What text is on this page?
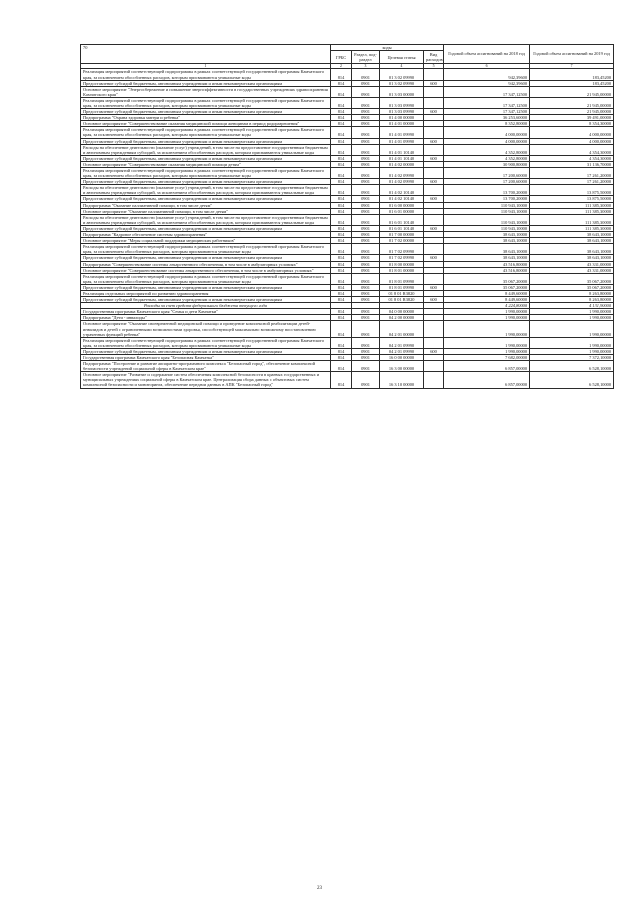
70	коды				Годовой объем ассигнований на 2018 год	Годовой объем ассигнований на 2019 год
	ГРБС	Раздел, под-раздел	Целевая статья	Вид расходов		
1	2	3	4	5	6	7
Реализация мероприятий соответствующей подпрограммы в рамках соответствующей государственной программы Камчатского края, за исключением обособленных расходов, которым присваиваются уникальные коды	814	0901	01 3 02 09990		942,39600	183,45200
Предоставление субсидий бюджетным, автономным учреждениям и иным некоммерческим организациям	814	0901	01 3 02 09990	600	942,39600	183,45200
Основное мероприятие "Энергосбережение и повышение энергоэффективности в государственных учреждениях здравоохранения Камчатского края"	814	0901	01 3 03 00000		17 347,12500	21 945,00000
Реализация мероприятий соответствующей подпрограммы в рамках соответствующей государственной программы Камчатского края, за исключением обособленных расходов, которым присваиваются уникальные коды	814	0901	01 3 03 09990		17 347,12500	21 945,00000
Предоставление субсидий бюджетным, автономным учреждениям и иным некоммерческим организациям	814	0901	01 3 03 09990	600	17 347,12500	21 945,00000
Подпрограмма "Охрана здоровья матери и ребенка"	814	0901	01 4 00 00000		36 253,60000	39 491,00000
Основное мероприятие "Совершенствование оказания медицинской помощи женщинам в период родоразрешения"	814	0901	01 4 01 00000		8 352,80000	8 354,30000
Реализация мероприятий соответствующей подпрограммы в рамках соответствующей государственной программы Камчатского края, за исключением обособленных расходов, которым присваиваются уникальные коды	814	0901	01 4 01 09990		4 000,00000	4 000,00000
Предоставление субсидий бюджетным, автономным учреждениям и иным некоммерческим организациям	814	0901	01 4 01 09990	600	4 000,00000	4 000,00000
Расходы на обеспечение деятельности (оказание услуг) учреждений, в том числе на предоставление государственным бюджетным и автономным учреждениям субсидий, за исключением обособленных расходов, которым присваиваются уникальные коды	814	0901	01 4 01 10140		4 352,80000	4 354,30000
Предоставление субсидий бюджетным, автономным учреждениям и иным некоммерческим организациям	814	0901	01 4 01 10140	600	4 352,80000	4 354,30000
Основное мероприятие "Совершенствование оказания медицинской помощи детям"	814	0901	01 4 02 00000		30 900,80000	31 136,70000
Реализация мероприятий соответствующей подпрограммы в рамках соответствующей государственной программы Камчатского края, за исключением обособленных расходов, которым присваиваются уникальные коды	814	0901	01 4 02 09990		17 200,60000	17 261,20000
Предоставление субсидий бюджетным, автономным учреждениям и иным некоммерческим организациям	814	0901	01 4 02 09990	600	17 200,60000	17 261,20000
Расходы на обеспечение деятельности (оказание услуг) учреждений, в том числе на предоставление государственным бюджетным и автономным учреждениям субсидий, за исключением обособленных расходов, которым присваиваются уникальные коды	814	0901	01 4 02 10140		13 700,20000	13 875,50000
Предоставление субсидий бюджетным, автономным учреждениям и иным некоммерческим организациям	814	0901	01 4 02 10140	600	13 700,20000	13 875,50000
Подпрограмма "Оказание паллиативной помощи, в том числе детям"	814	0901	01 6 00 00000		110 943,10000	111 385,30000
Основное мероприятие "Оказание паллиативной помощи, в том числе детям"	814	0901	01 6 01 00000		110 943,10000	111 385,30000
Расходы на обеспечение деятельности (оказание услуг) учреждений, в том числе на предоставление государственным бюджетным и автономным учреждениям субсидий, за исключением обособленных расходов, которым присваиваются уникальные коды	814	0901	01 6 01 10140		110 943,10000	111 385,30000
Предоставление субсидий бюджетным, автономным учреждениям и иным некоммерческим организациям	814	0901	01 6 01 10140	600	110 943,10000	111 385,30000
Подпрограмма "Кадровое обеспечение системы здравоохранения"	814	0901	01 7 00 00000		38 643,10000	38 643,10000
Основное мероприятие "Меры социальной поддержки медицинских работников"	814	0901	01 7 02 00000		38 643,10000	38 643,10000
Реализация мероприятий соответствующей подпрограммы в рамках соответствующей государственной программы Камчатского края, за исключением обособленных расходов, которым присваиваются уникальные коды	814	0901	01 7 02 09990		38 643,10000	38 643,10000
Предоставление субсидий бюджетным, автономным учреждениям и иным некоммерческим организациям	814	0901	01 7 02 09990	600	38 643,10000	38 643,10000
Подпрограмма "Совершенствование системы лекарственного обеспечения, в том числе в амбулаторных условиях"	814	0901	01 8 00 00000		43 516,80000	43 331,00000
Основное мероприятие "Совершенствование системы лекарственного обеспечения, в том числе в амбулаторных условиях"	814	0901	01 8 01 00000		43 516,80000	43 331,00000
Реализация мероприятий соответствующей подпрограммы в рамках соответствующей государственной программы Камчатского края, за исключением обособленных расходов, которым присваиваются уникальные коды	814	0901	01 8 01 09990		35 067,20000	35 067,20000
Предоставление субсидий бюджетным, автономным учреждениям и иным некоммерческим организациям	814	0901	01 8 01 09990	600	35 067,20000	35 067,20000
Реализация отдельных мероприятий по развитию здравоохранения	814	0901	01 8 01 R3820		8 449,60000	8 263,80000
Предоставление субсидий бюджетным, автономным учреждениям и иным некоммерческим организациям	814	0901	01 8 01 R3820	600	8 449,60000	8 263,80000
Расходы за счет средств федерального бюджета текущего года					4 224,80000	4 131,90000
Государственная программа Камчатского края "Семья и дети Камчатки"	814	0901	04 0 00 00000		1 990,00000	1 990,00000
Подпрограмма "Дети - инвалиды"	814	0901	04 2 00 00000		1 990,00000	1 990,00000
Основное мероприятие "Оказание своевременной медицинской помощи и проведение комплексной реабилитации детей-инвалидов и детей с ограниченными возможностями здоровья, способствующей максимально возможному восстановлению утраченных функций ребенка"	814	0901	04 2 01 00000		1 990,00000	1 990,00000
Реализация мероприятий соответствующей подпрограммы в рамках соответствующей государственной программы Камчатского края, за исключением обособленных расходов, которым присваиваются уникальные коды	814	0901	04 2 01 09990		1 990,00000	1 990,00000
Предоставление субсидий бюджетным, автономным учреждениям и иным некоммерческим организациям	814	0901	04 2 01 09990	600	1 990,00000	1 990,00000
Государственная программа Камчатского края "Безопасная Камчатка"	814	0901	16 0 00 00000		7 682,00000	7 372,10000
Подпрограмма "Построение и развитие аппаратно-программного комплекса "Безопасный город", обеспечение комплексной безопасности учреждений социальной сферы в Камчатском крае"	814	0901	16 3 00 00000		6 857,00000	6 528,10000
Основное мероприятие "Развитие и содержание систем обеспечения комплексной безопасности в краевых государственных и муниципальных учреждениях социальной сферы в Камчатском крае. Централизация сбора данных с объектовых систем комплексной безопасности и мониторинга, обеспечение передачи данных в АПК "Безопасный город"	814	0901	16 3 10 00000		6 857,00000	6 528,10000
23
